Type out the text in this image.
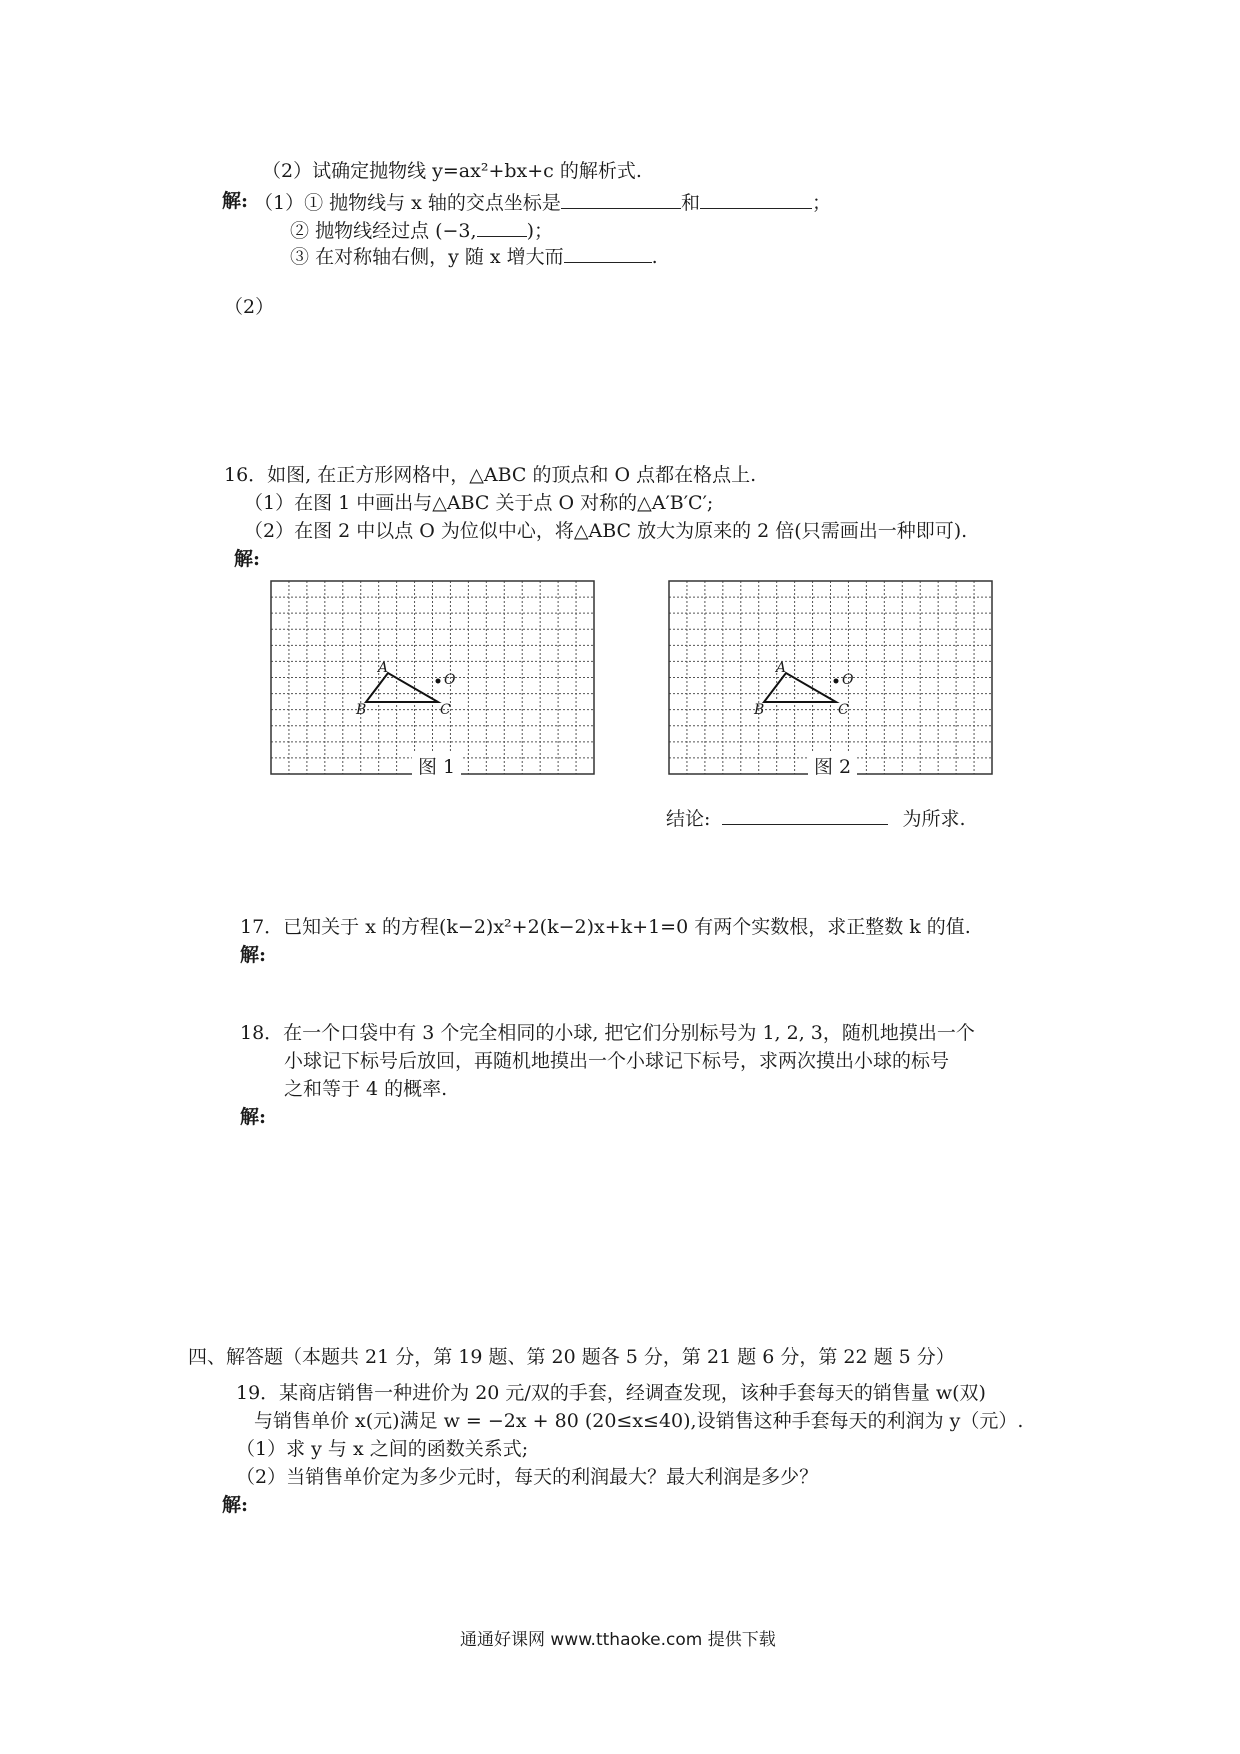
（2）试确定抛物线 y=ax²+bx+c 的解析式.
解: （1）① 抛物线与 x 轴的交点坐标是	和	；
② 抛物线经过点 (−3,	)；
③ 在对称轴右侧，y 随 x 增大而	.
（2）
16．如图, 在正方形网格中，△ABC 的顶点和 O 点都在格点上.
（1）在图 1 中画出与△ABC 关于点 O 对称的△A′B′C′;
（2）在图 2 中以点 O 为位似中心，将△ABC 放大为原来的 2 倍(只需画出一种即可).
解:
A
B	C
O
图 1
A
B	C
O
图 2
结论:	为所求.
17．已知关于 x 的方程(k−2)x²+2(k−2)x+k+1=0 有两个实数根，求正整数 k 的值.
解:
18．在一个口袋中有 3 个完全相同的小球, 把它们分别标号为 1, 2, 3，随机地摸出一个
小球记下标号后放回，再随机地摸出一个小球记下标号，求两次摸出小球的标号
之和等于 4 的概率.
解:
四、解答题（本题共 21 分，第 19 题、第 20 题各 5 分，第 21 题 6 分，第 22 题 5 分）
19．某商店销售一种进价为 20 元/双的手套，经调查发现，该种手套每天的销售量 w(双)
与销售单价 x(元)满足 w = −2x + 80 (20≤x≤40),设销售这种手套每天的利润为 y（元）.
（1）求 y 与 x 之间的函数关系式;
（2）当销售单价定为多少元时，每天的利润最大？最大利润是多少？
解:
通通好课网 www.tthaoke.com 提供下载
